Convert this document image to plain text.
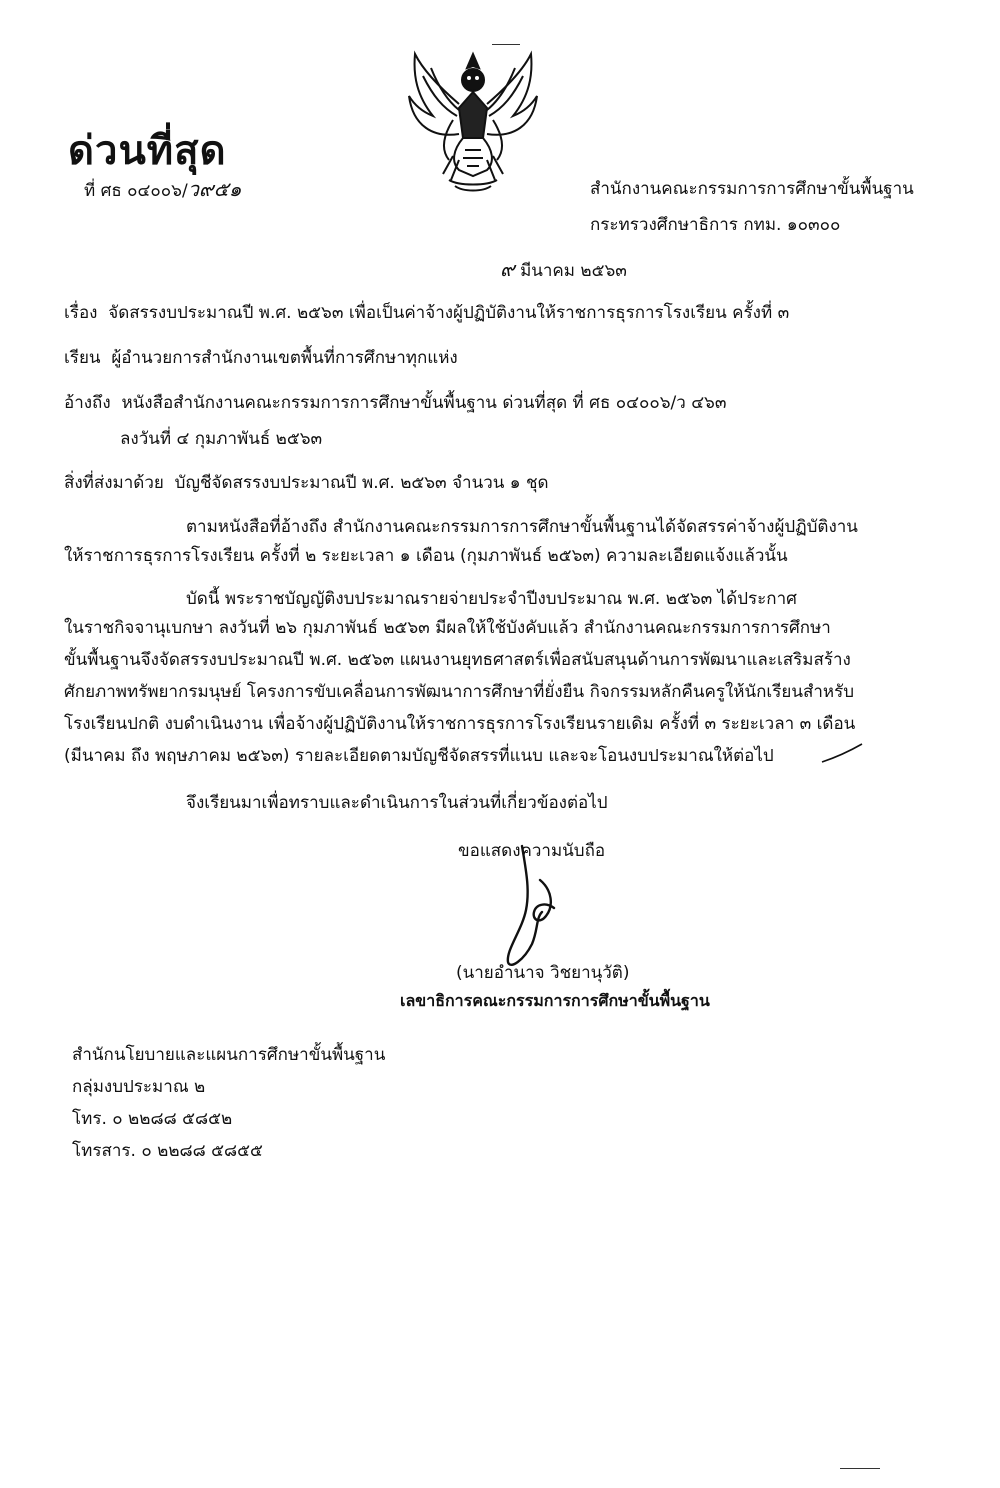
ด่วนที่สุด
ที่ ศธ ๐๔๐๐๖/ว๙๕๑	สำนักงานคณะกรรมการการศึกษาขั้นพื้นฐาน
กระทรวงศึกษาธิการ กทม. ๑๐๓๐๐
๙ มีนาคม ๒๕๖๓
เรื่อง จัดสรรงบประมาณปี พ.ศ. ๒๕๖๓ เพื่อเป็นค่าจ้างผู้ปฏิบัติงานให้ราชการธุรการโรงเรียน ครั้งที่ ๓
เรียน ผู้อำนวยการสำนักงานเขตพื้นที่การศึกษาทุกแห่ง
อ้างถึง หนังสือสำนักงานคณะกรรมการการศึกษาขั้นพื้นฐาน ด่วนที่สุด ที่ ศธ ๐๔๐๐๖/ว ๔๖๓
ลงวันที่ ๔ กุมภาพันธ์ ๒๕๖๓
สิ่งที่ส่งมาด้วย บัญชีจัดสรรงบประมาณปี พ.ศ. ๒๕๖๓ จำนวน ๑ ชุด
ตามหนังสือที่อ้างถึง สำนักงานคณะกรรมการการศึกษาขั้นพื้นฐานได้จัดสรรค่าจ้างผู้ปฏิบัติงาน
ให้ราชการธุรการโรงเรียน ครั้งที่ ๒ ระยะเวลา ๑ เดือน (กุมภาพันธ์ ๒๕๖๓) ความละเอียดแจ้งแล้วนั้น
บัดนี้ พระราชบัญญัติงบประมาณรายจ่ายประจำปีงบประมาณ พ.ศ. ๒๕๖๓ ได้ประกาศ
ในราชกิจจานุเบกษา ลงวันที่ ๒๖ กุมภาพันธ์ ๒๕๖๓ มีผลให้ใช้บังคับแล้ว สำนักงานคณะกรรมการการศึกษา
ขั้นพื้นฐานจึงจัดสรรงบประมาณปี พ.ศ. ๒๕๖๓ แผนงานยุทธศาสตร์เพื่อสนับสนุนด้านการพัฒนาและเสริมสร้าง
ศักยภาพทรัพยากรมนุษย์ โครงการขับเคลื่อนการพัฒนาการศึกษาที่ยั่งยืน กิจกรรมหลักคืนครูให้นักเรียนสำหรับ
โรงเรียนปกติ งบดำเนินงาน เพื่อจ้างผู้ปฏิบัติงานให้ราชการธุรการโรงเรียนรายเดิม ครั้งที่ ๓ ระยะเวลา ๓ เดือน
(มีนาคม ถึง พฤษภาคม ๒๕๖๓) รายละเอียดตามบัญชีจัดสรรที่แนบ และจะโอนงบประมาณให้ต่อไป
จึงเรียนมาเพื่อทราบและดำเนินการในส่วนที่เกี่ยวข้องต่อไป
ขอแสดงความนับถือ
(นายอำนาจ วิชยานุวัติ)
เลขาธิการคณะกรรมการการศึกษาขั้นพื้นฐาน
สำนักนโยบายและแผนการศึกษาขั้นพื้นฐาน
กลุ่มงบประมาณ ๒
โทร. ๐ ๒๒๘๘ ๕๘๕๒
โทรสาร. ๐ ๒๒๘๘ ๕๘๕๕
